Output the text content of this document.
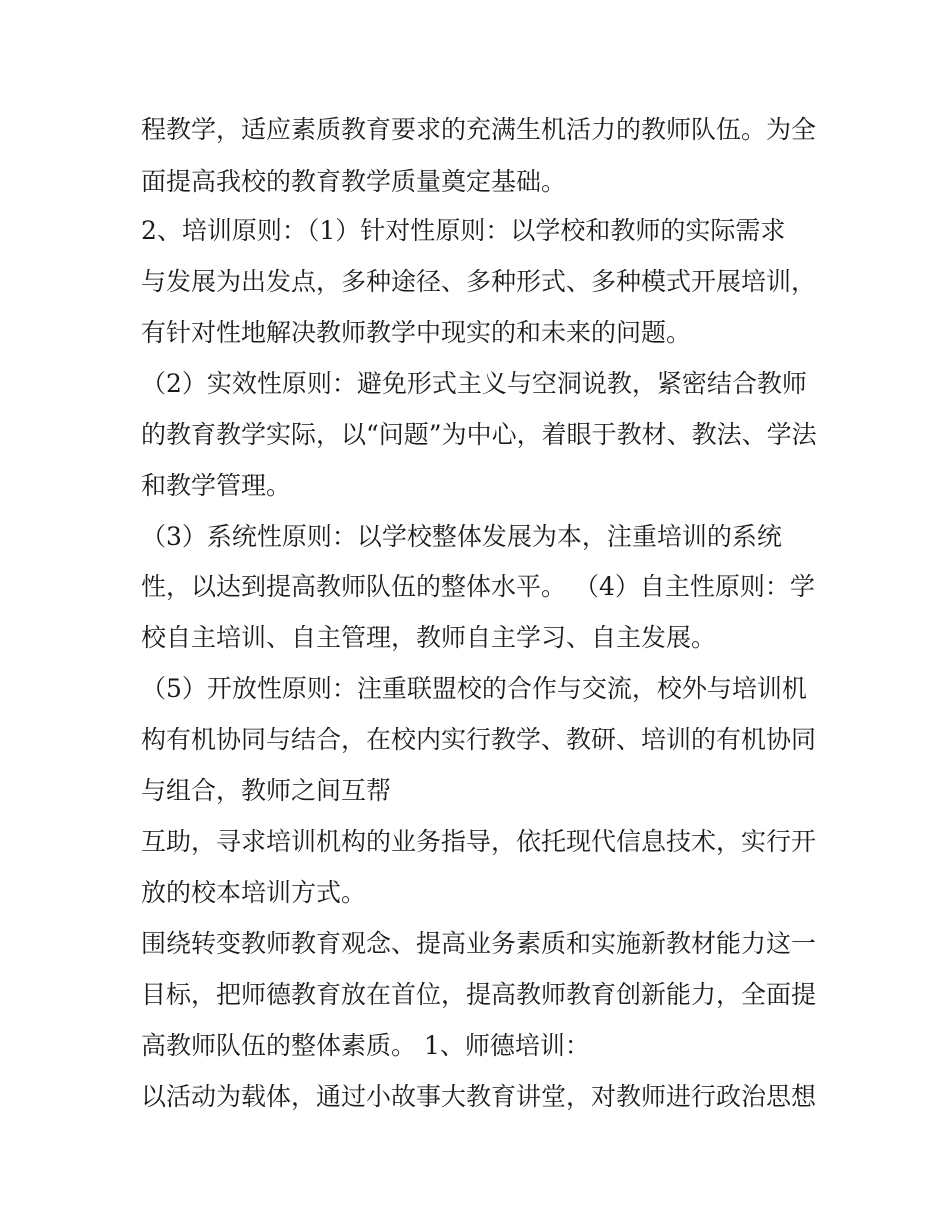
程教学，适应素质教育要求的充满生机活力的教师队伍。为全
面提高我校的教育教学质量奠定基础。
2、培训原则：（1）针对性原则：以学校和教师的实际需求
与发展为出发点，多种途径、多种形式、多种模式开展培训，
有针对性地解决教师教学中现实的和未来的问题。
（2）实效性原则：避免形式主义与空洞说教，紧密结合教师
的教育教学实际，以“问题”为中心，着眼于教材、教法、学法
和教学管理。
（3）系统性原则：以学校整体发展为本，注重培训的系统
性，以达到提高教师队伍的整体水平。 （4）自主性原则：学
校自主培训、自主管理，教师自主学习、自主发展。
（5）开放性原则：注重联盟校的合作与交流，校外与培训机
构有机协同与结合，在校内实行教学、教研、培训的有机协同
与组合，教师之间互帮
互助，寻求培训机构的业务指导，依托现代信息技术，实行开
放的校本培训方式。
围绕转变教师教育观念、提高业务素质和实施新教材能力这一
目标，把师德教育放在首位，提高教师教育创新能力，全面提
高教师队伍的整体素质。 1、师德培训：
以活动为载体，通过小故事大教育讲堂，对教师进行政治思想
